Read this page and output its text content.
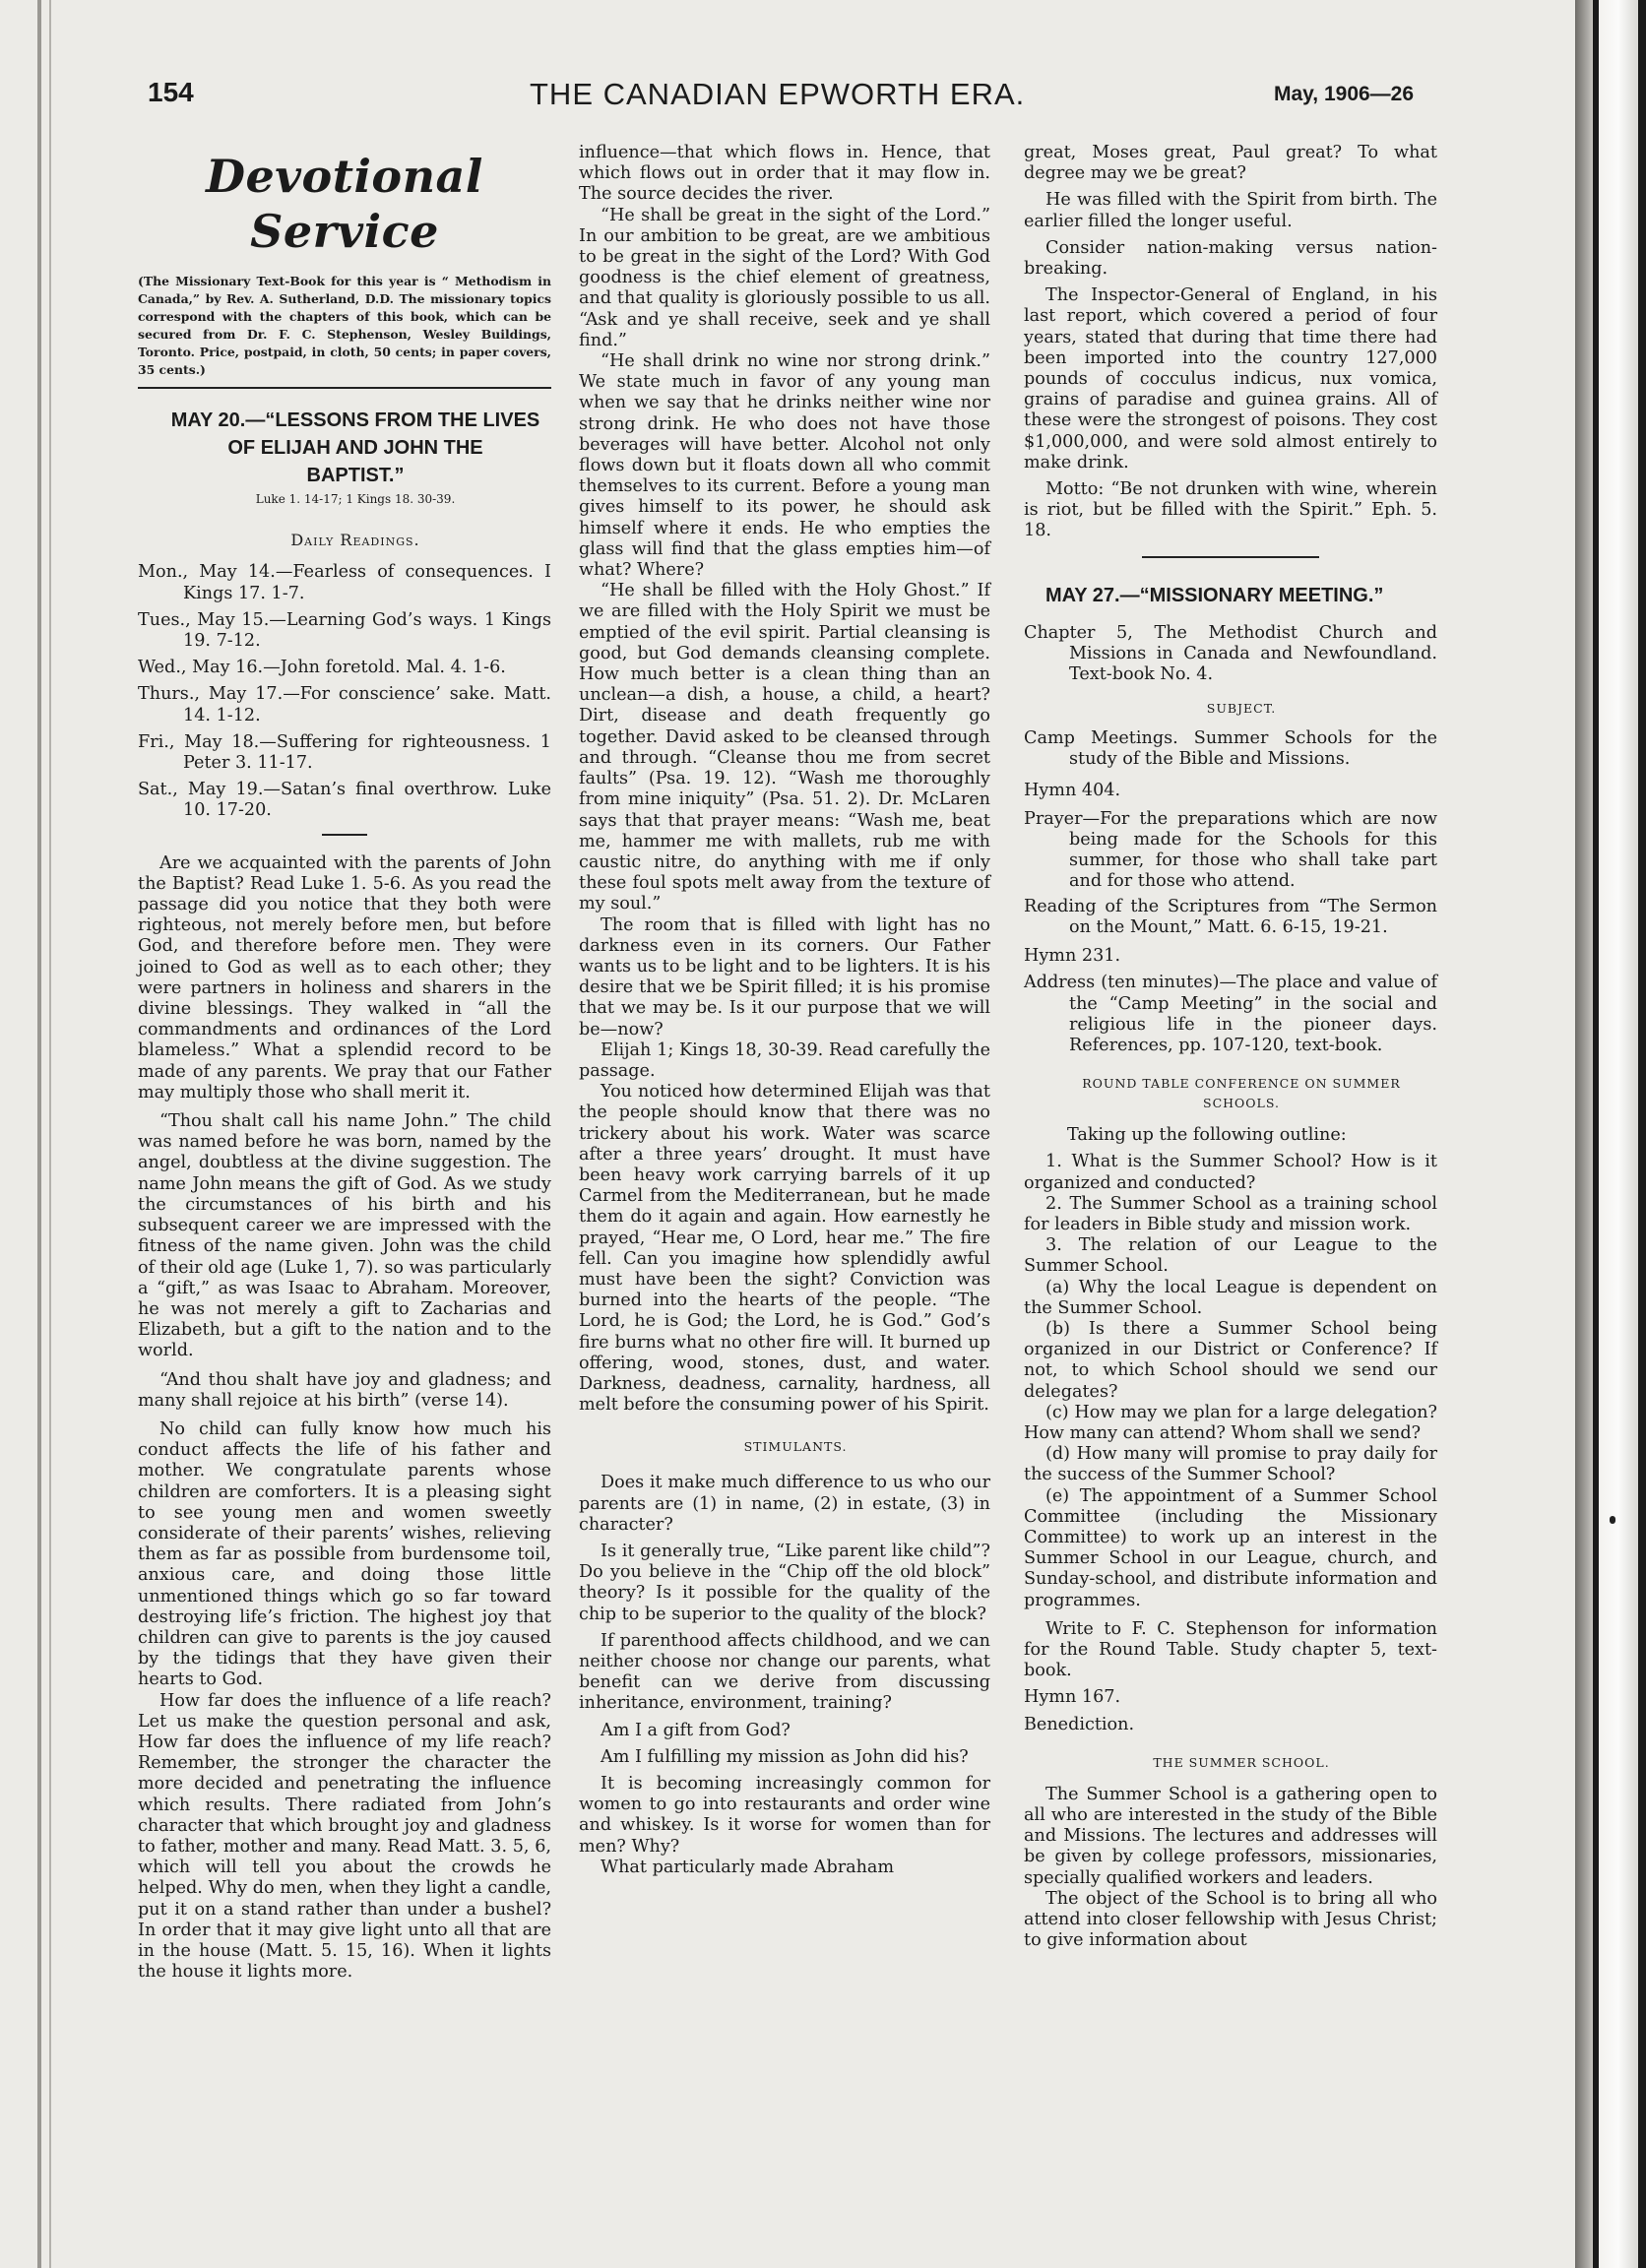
154	THE CANADIAN EPWORTH ERA.	May, 1906—26
Devotional Service

(The Missionary Text-Book for this year is “ Methodism in Canada,” by Rev. A. Sutherland, D.D. The missionary topics correspond with the chapters of this book, which can be secured from Dr. F. C. Stephenson, Wesley Buildings, Toronto. Price, postpaid, in cloth, 50 cents; in paper covers, 35 cents.)

MAY 20.—“LESSONS FROM THE LIVES

OF ELIJAH AND JOHN THE

BAPTIST.”

Luke 1. 14-17; 1 Kings 18. 30-39.

Daily Readings.

Mon., May 14.—Fearless of consequences. I Kings 17. 1-7.

Tues., May 15.—Learning God’s ways. 1 Kings 19. 7-12.

Wed., May 16.—John foretold. Mal. 4. 1-6.

Thurs., May 17.—For conscience’ sake. Matt. 14. 1-12.

Fri., May 18.—Suffering for righteousness. 1 Peter 3. 11-17.

Sat., May 19.—Satan’s final overthrow. Luke 10. 17-20.

Are we acquainted with the parents of John the Baptist? Read Luke 1. 5-6. As you read the passage did you notice that they both were righteous, not merely before men, but before God, and therefore before men. They were joined to God as well as to each other; they were partners in holiness and sharers in the divine blessings. They walked in “all the commandments and ordinances of the Lord blameless.” What a splendid record to be made of any parents. We pray that our Father may multiply those who shall merit it.

“Thou shalt call his name John.” The child was named before he was born, named by the angel, doubtless at the divine suggestion. The name John means the gift of God. As we study the circumstances of his birth and his subsequent career we are impressed with the fitness of the name given. John was the child of their old age (Luke 1, 7). so was particularly a “gift,” as was Isaac to Abraham. Moreover, he was not merely a gift to Zacharias and Elizabeth, but a gift to the nation and to the world.

“And thou shalt have joy and gladness; and many shall rejoice at his birth” (verse 14).

No child can fully know how much his conduct affects the life of his father and mother. We congratulate parents whose children are comforters. It is a pleasing sight to see young men and women sweetly considerate of their parents’ wishes, relieving them as far as possible from burdensome toil, anxious care, and doing those little unmentioned things which go so far toward destroying life’s friction. The highest joy that children can give to parents is the joy caused by the tidings that they have given their hearts to God.

How far does the influence of a life reach? Let us make the question personal and ask, How far does the influence of my life reach? Remember, the stronger the character the more decided and penetrating the influence which results. There radiated from John’s character that which brought joy and gladness to father, mother and many. Read Matt. 3. 5, 6, which will tell you about the crowds he helped. Why do men, when they light a candle, put it on a stand rather than under a bushel? In order that it may give light unto all that are in the house (Matt. 5. 15, 16). When it lights the house it lights more.

influence—that which flows in. Hence, that which flows out in order that it may flow in. The source decides the river.

“He shall be great in the sight of the Lord.” In our ambition to be great, are we ambitious to be great in the sight of the Lord? With God goodness is the chief element of greatness, and that quality is gloriously possible to us all. “Ask and ye shall receive, seek and ye shall find.”

“He shall drink no wine nor strong drink.” We state much in favor of any young man when we say that he drinks neither wine nor strong drink. He who does not have those beverages will have better. Alcohol not only flows down but it floats down all who commit themselves to its current. Before a young man gives himself to its power, he should ask himself where it ends. He who empties the glass will find that the glass empties him—of what? Where?

“He shall be filled with the Holy Ghost.” If we are filled with the Holy Spirit we must be emptied of the evil spirit. Partial cleansing is good, but God demands cleansing complete. How much better is a clean thing than an unclean—a dish, a house, a child, a heart? Dirt, disease and death frequently go together. David asked to be cleansed through and through. “Cleanse thou me from secret faults” (Psa. 19. 12). “Wash me thoroughly from mine iniquity” (Psa. 51. 2). Dr. McLaren says that that prayer means: “Wash me, beat me, hammer me with mallets, rub me with caustic nitre, do anything with me if only these foul spots melt away from the texture of my soul.”

The room that is filled with light has no darkness even in its corners. Our Father wants us to be light and to be lighters. It is his desire that we be Spirit filled; it is his promise that we may be. Is it our purpose that we will be—now?

Elijah 1; Kings 18, 30-39. Read carefully the passage.

You noticed how determined Elijah was that the people should know that there was no trickery about his work. Water was scarce after a three years’ drought. It must have been heavy work carrying barrels of it up Carmel from the Mediterranean, but he made them do it again and again. How earnestly he prayed, “Hear me, O Lord, hear me.” The fire fell. Can you imagine how splendidly awful must have been the sight? Conviction was burned into the hearts of the people. “The Lord, he is God; the Lord, he is God.” God’s fire burns what no other fire will. It burned up offering, wood, stones, dust, and water. Darkness, deadness, carnality, hardness, all melt before the consuming power of his Spirit.

STIMULANTS.

Does it make much difference to us who our parents are (1) in name, (2) in estate, (3) in character?

Is it generally true, “Like parent like child”? Do you believe in the “Chip off the old block” theory? Is it possible for the quality of the chip to be superior to the quality of the block?

If parenthood affects childhood, and we can neither choose nor change our parents, what benefit can we derive from discussing inheritance, environment, training?

Am I a gift from God?

Am I fulfilling my mission as John did his?

It is becoming increasingly common for women to go into restaurants and order wine and whiskey. Is it worse for women than for men? Why?

What particularly made Abraham

great, Moses great, Paul great? To what degree may we be great?

He was filled with the Spirit from birth. The earlier filled the longer useful.

Consider nation-making versus nation-breaking.

The Inspector-General of England, in his last report, which covered a period of four years, stated that during that time there had been imported into the country 127,000 pounds of cocculus indicus, nux vomica, grains of paradise and guinea grains. All of these were the strongest of poisons. They cost $1,000,000, and were sold almost entirely to make drink.

Motto: “Be not drunken with wine, wherein is riot, but be filled with the Spirit.” Eph. 5. 18.

MAY 27.—“MISSIONARY MEETING.”

Chapter 5, The Methodist Church and Missions in Canada and Newfoundland. Text-book No. 4.

SUBJECT.

Camp Meetings. Summer Schools for the study of the Bible and Missions.

Hymn 404.

Prayer—For the preparations which are now being made for the Schools for this summer, for those who shall take part and for those who attend.

Reading of the Scriptures from “The Sermon on the Mount,” Matt. 6. 6-15, 19-21.

Hymn 231.

Address (ten minutes)—The place and value of the “Camp Meeting” in the social and religious life in the pioneer days. References, pp. 107-120, text-book.

ROUND TABLE CONFERENCE ON SUMMER

SCHOOLS.

Taking up the following outline:

1. What is the Summer School? How is it organized and conducted?

2. The Summer School as a training school for leaders in Bible study and mission work.

3. The relation of our League to the Summer School.

(a) Why the local League is dependent on the Summer School.

(b) Is there a Summer School being organized in our District or Conference? If not, to which School should we send our delegates?

(c) How may we plan for a large delegation? How many can attend? Whom shall we send?

(d) How many will promise to pray daily for the success of the Summer School?

(e) The appointment of a Summer School Committee (including the Missionary Committee) to work up an interest in the Summer School in our League, church, and Sunday-school, and distribute information and programmes.

Write to F. C. Stephenson for information for the Round Table. Study chapter 5, text-book.

Hymn 167.

Benediction.

THE SUMMER SCHOOL.

The Summer School is a gathering open to all who are interested in the study of the Bible and Missions. The lectures and addresses will be given by college professors, missionaries, specially qualified workers and leaders.

The object of the School is to bring all who attend into closer fellowship with Jesus Christ; to give information about
